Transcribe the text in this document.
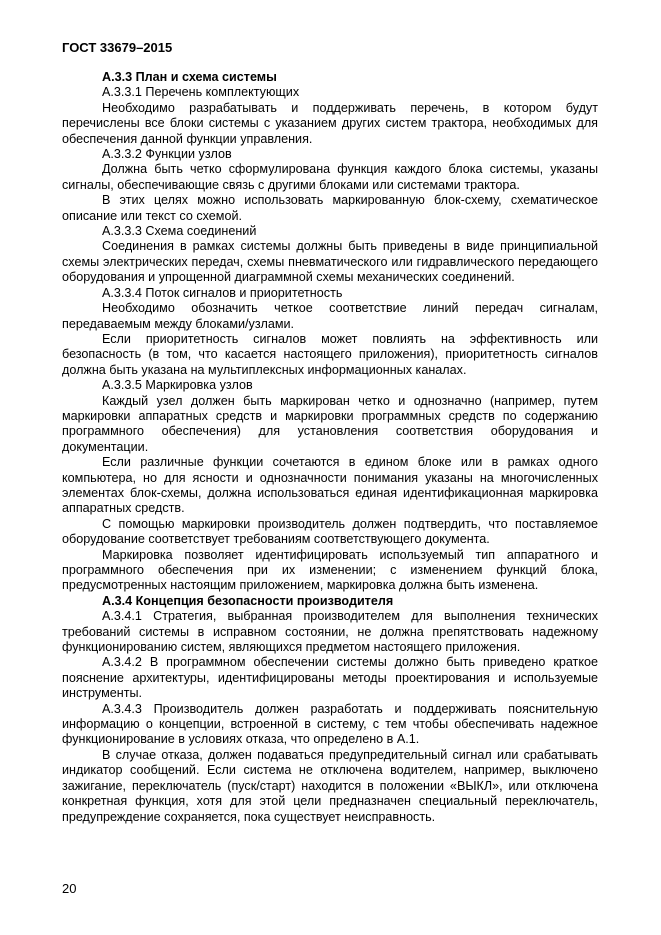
ГОСТ 33679–2015

А.3.3 План и схема системы

А.3.3.1 Перечень комплектующих

Необходимо разрабатывать и поддерживать перечень, в котором будут перечислены все блоки системы с указанием других систем трактора, необходимых для обеспечения данной функции управления.

А.3.3.2 Функции узлов

Должна быть четко сформулирована функция каждого блока системы, указаны сигналы, обеспечивающие связь с другими блоками или системами трактора.

В этих целях можно использовать маркированную блок-схему, схематическое описание или текст со схемой.

А.3.3.3 Схема соединений

Соединения в рамках системы должны быть приведены в виде принципиальной схемы электрических передач, схемы пневматического или гидравлического передающего оборудования и упрощенной диаграммной схемы механических соединений.

А.3.3.4 Поток сигналов и приоритетность

Необходимо обозначить четкое соответствие линий передач сигналам, передаваемым между блоками/узлами.

Если приоритетность сигналов может повлиять на эффективность или безопасность (в том, что касается настоящего приложения), приоритетность сигналов должна быть указана на мультиплексных информационных каналах.

А.3.3.5 Маркировка узлов

Каждый узел должен быть маркирован четко и однозначно (например, путем маркировки аппаратных средств и маркировки программных средств по содержанию программного обеспечения) для установления соответствия оборудования и документации.

Если различные функции сочетаются в едином блоке или в рамках одного компьютера, но для ясности и однозначности понимания указаны на многочисленных элементах блок-схемы, должна использоваться единая идентификационная маркировка аппаратных средств.

С помощью маркировки производитель должен подтвердить, что поставляемое оборудование соответствует требованиям соответствующего документа.

Маркировка позволяет идентифицировать используемый тип аппаратного и программного обеспечения при их изменении; с изменением функций блока, предусмотренных настоящим приложением, маркировка должна быть изменена.

А.3.4 Концепция безопасности производителя

А.3.4.1 Стратегия, выбранная производителем для выполнения технических требований системы в исправном состоянии, не должна препятствовать надежному функционированию систем, являющихся предметом настоящего приложения.

А.3.4.2 В программном обеспечении системы должно быть приведено краткое пояснение архитектуры, идентифицированы методы проектирования и используемые инструменты.

А.3.4.3 Производитель должен разработать и поддерживать пояснительную информацию о концепции, встроенной в систему, с тем чтобы обеспечивать надежное функционирование в условиях отказа, что определено в А.1.

В случае отказа, должен подаваться предупредительный сигнал или срабатывать индикатор сообщений. Если система не отключена водителем, например, выключено зажигание, переключатель (пуск/старт) находится в положении «ВЫКЛ», или отключена конкретная функция, хотя для этой цели предназначен специальный переключатель, предупреждение сохраняется, пока существует неисправность.

20
